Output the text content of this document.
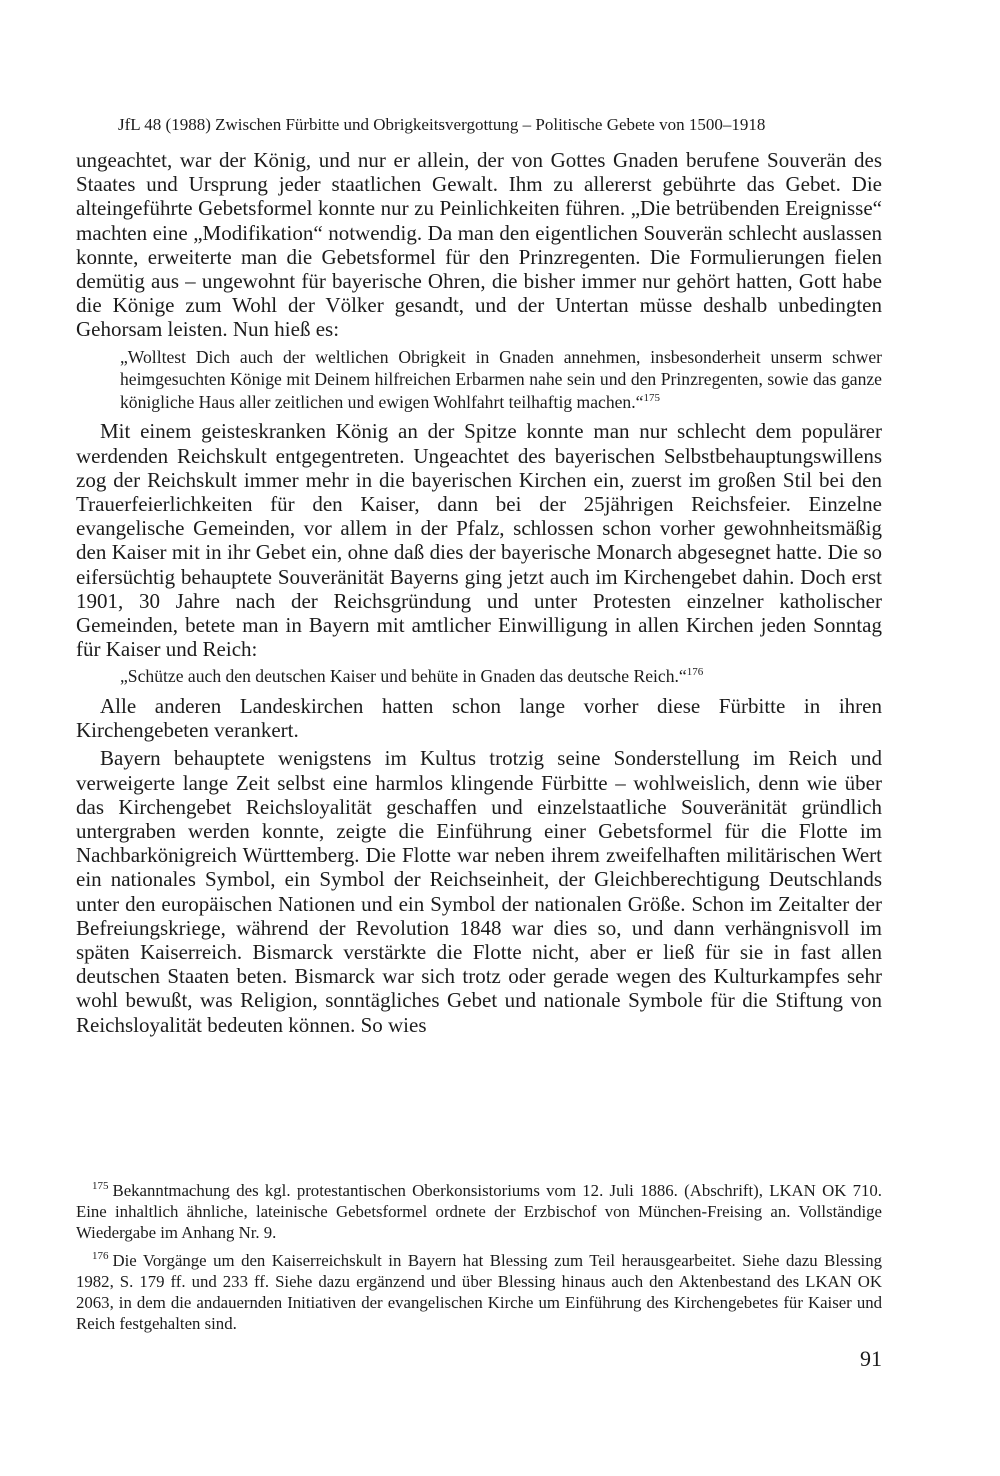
JfL 48 (1988) Zwischen Fürbitte und Obrigkeitsvergottung – Politische Gebete von 1500–1918

ungeachtet, war der König, und nur er allein, der von Gottes Gnaden berufene Souverän des Staates und Ursprung jeder staatlichen Gewalt. Ihm zu allererst gebührte das Gebet. Die alteingeführte Gebetsformel konnte nur zu Peinlichkeiten führen. „Die betrübenden Ereignisse“ machten eine „Modifikation“ notwendig. Da man den eigentlichen Souverän schlecht auslassen konnte, erweiterte man die Gebetsformel für den Prinzregenten. Die Formulierungen fielen demütig aus – ungewohnt für bayerische Ohren, die bisher immer nur gehört hatten, Gott habe die Könige zum Wohl der Völker gesandt, und der Untertan müsse deshalb unbedingten Gehorsam leisten. Nun hieß es:

„Wolltest Dich auch der weltlichen Obrigkeit in Gnaden annehmen, insbesonderheit unserm schwer heimgesuchten Könige mit Deinem hilfreichen Erbarmen nahe sein und den Prinzregenten, sowie das ganze königliche Haus aller zeitlichen und ewigen Wohlfahrt teilhaftig machen.“$^{175}$

Mit einem geisteskranken König an der Spitze konnte man nur schlecht dem populärer werdenden Reichskult entgegentreten. Ungeachtet des bayerischen Selbstbehauptungswillens zog der Reichskult immer mehr in die bayerischen Kirchen ein, zuerst im großen Stil bei den Trauerfeierlichkeiten für den Kaiser, dann bei der 25jährigen Reichsfeier. Einzelne evangelische Gemeinden, vor allem in der Pfalz, schlossen schon vorher gewohnheitsmäßig den Kaiser mit in ihr Gebet ein, ohne daß dies der bayerische Monarch abgesegnet hatte. Die so eifersüchtig behauptete Souveränität Bayerns ging jetzt auch im Kirchengebet dahin. Doch erst 1901, 30 Jahre nach der Reichsgründung und unter Protesten einzelner katholischer Gemeinden, betete man in Bayern mit amtlicher Einwilligung in allen Kirchen jeden Sonntag für Kaiser und Reich:

„Schütze auch den deutschen Kaiser und behüte in Gnaden das deutsche Reich.“$^{176}$

Alle anderen Landeskirchen hatten schon lange vorher diese Fürbitte in ihren Kirchengebeten verankert.

Bayern behauptete wenigstens im Kultus trotzig seine Sonderstellung im Reich und verweigerte lange Zeit selbst eine harmlos klingende Fürbitte – wohlweislich, denn wie über das Kirchengebet Reichsloyalität geschaffen und einzelstaatliche Souveränität gründlich untergraben werden konnte, zeigte die Einführung einer Gebetsformel für die Flotte im Nachbarkönigreich Württemberg. Die Flotte war neben ihrem zweifelhaften militärischen Wert ein nationales Symbol, ein Symbol der Reichseinheit, der Gleichberechtigung Deutschlands unter den europäischen Nationen und ein Symbol der nationalen Größe. Schon im Zeitalter der Befreiungskriege, während der Revolution 1848 war dies so, und dann verhängnisvoll im späten Kaiserreich. Bismarck verstärkte die Flotte nicht, aber er ließ für sie in fast allen deutschen Staaten beten. Bismarck war sich trotz oder gerade wegen des Kulturkampfes sehr wohl bewußt, was Religion, sonntägliches Gebet und nationale Symbole für die Stiftung von Reichsloyalität bedeuten können. So wies

$^{175}$ Bekanntmachung des kgl. protestantischen Oberkonsistoriums vom 12. Juli 1886. (Abschrift), LKAN OK 710. Eine inhaltlich ähnliche, lateinische Gebetsformel ordnete der Erzbischof von München-Freising an. Vollständige Wiedergabe im Anhang Nr. 9.

$^{176}$ Die Vorgänge um den Kaiserreichskult in Bayern hat Blessing zum Teil herausgearbeitet. Siehe dazu Blessing 1982, S. 179 ff. und 233 ff. Siehe dazu ergänzend und über Blessing hinaus auch den Aktenbestand des LKAN OK 2063, in dem die andauernden Initiativen der evangelischen Kirche um Einführung des Kirchengebetes für Kaiser und Reich festgehalten sind.

91
